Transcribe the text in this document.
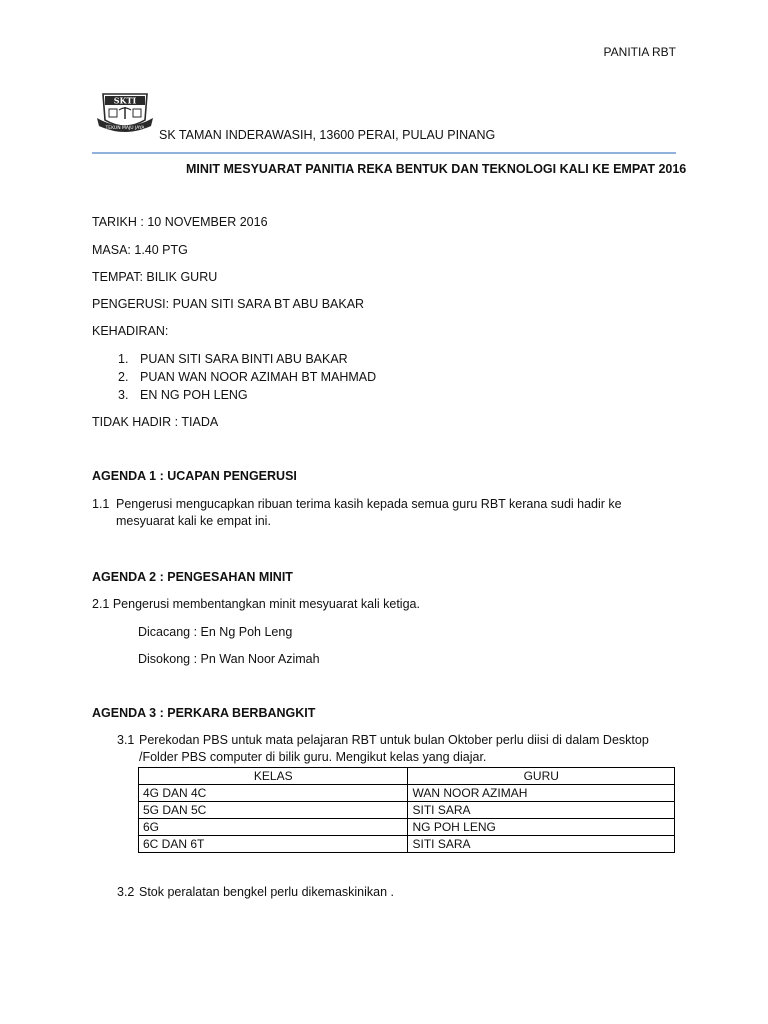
PANITIA RBT
SKTI
TEKUN MAJU JAYA SK TAMAN INDERAWASIH, 13600 PERAI, PULAU PINANG
MINIT MESYUARAT PANITIA REKA BENTUK DAN TEKNOLOGI KALI KE EMPAT 2016
TARIKH : 10 NOVEMBER 2016
MASA: 1.40 PTG
TEMPAT: BILIK GURU
PENGERUSI: PUAN SITI SARA BT ABU BAKAR
KEHADIRAN:
1. PUAN SITI SARA BINTI ABU BAKAR
2. PUAN WAN NOOR AZIMAH BT MAHMAD
3. EN NG POH LENG
TIDAK HADIR : TIADA
AGENDA 1 : UCAPAN PENGERUSI
1.1 Pengerusi mengucapkan ribuan terima kasih kepada semua guru RBT kerana sudi hadir ke mesyuarat kali ke empat ini.
AGENDA 2 : PENGESAHAN MINIT
2.1 Pengerusi membentangkan minit mesyuarat kali ketiga.
Dicacang : En Ng Poh Leng
Disokong : Pn Wan Noor Azimah
AGENDA 3 : PERKARA BERBANGKIT
3.1 Perekodan PBS untuk mata pelajaran RBT untuk bulan Oktober perlu diisi di dalam Desktop /Folder PBS computer di bilik guru. Mengikut kelas yang diajar.
KELAS	GURU
4G DAN 4C	WAN NOOR AZIMAH
5G DAN 5C	SITI SARA
6G	NG POH LENG
6C DAN 6T	SITI SARA
3.2 Stok peralatan bengkel perlu dikemaskinikan .
